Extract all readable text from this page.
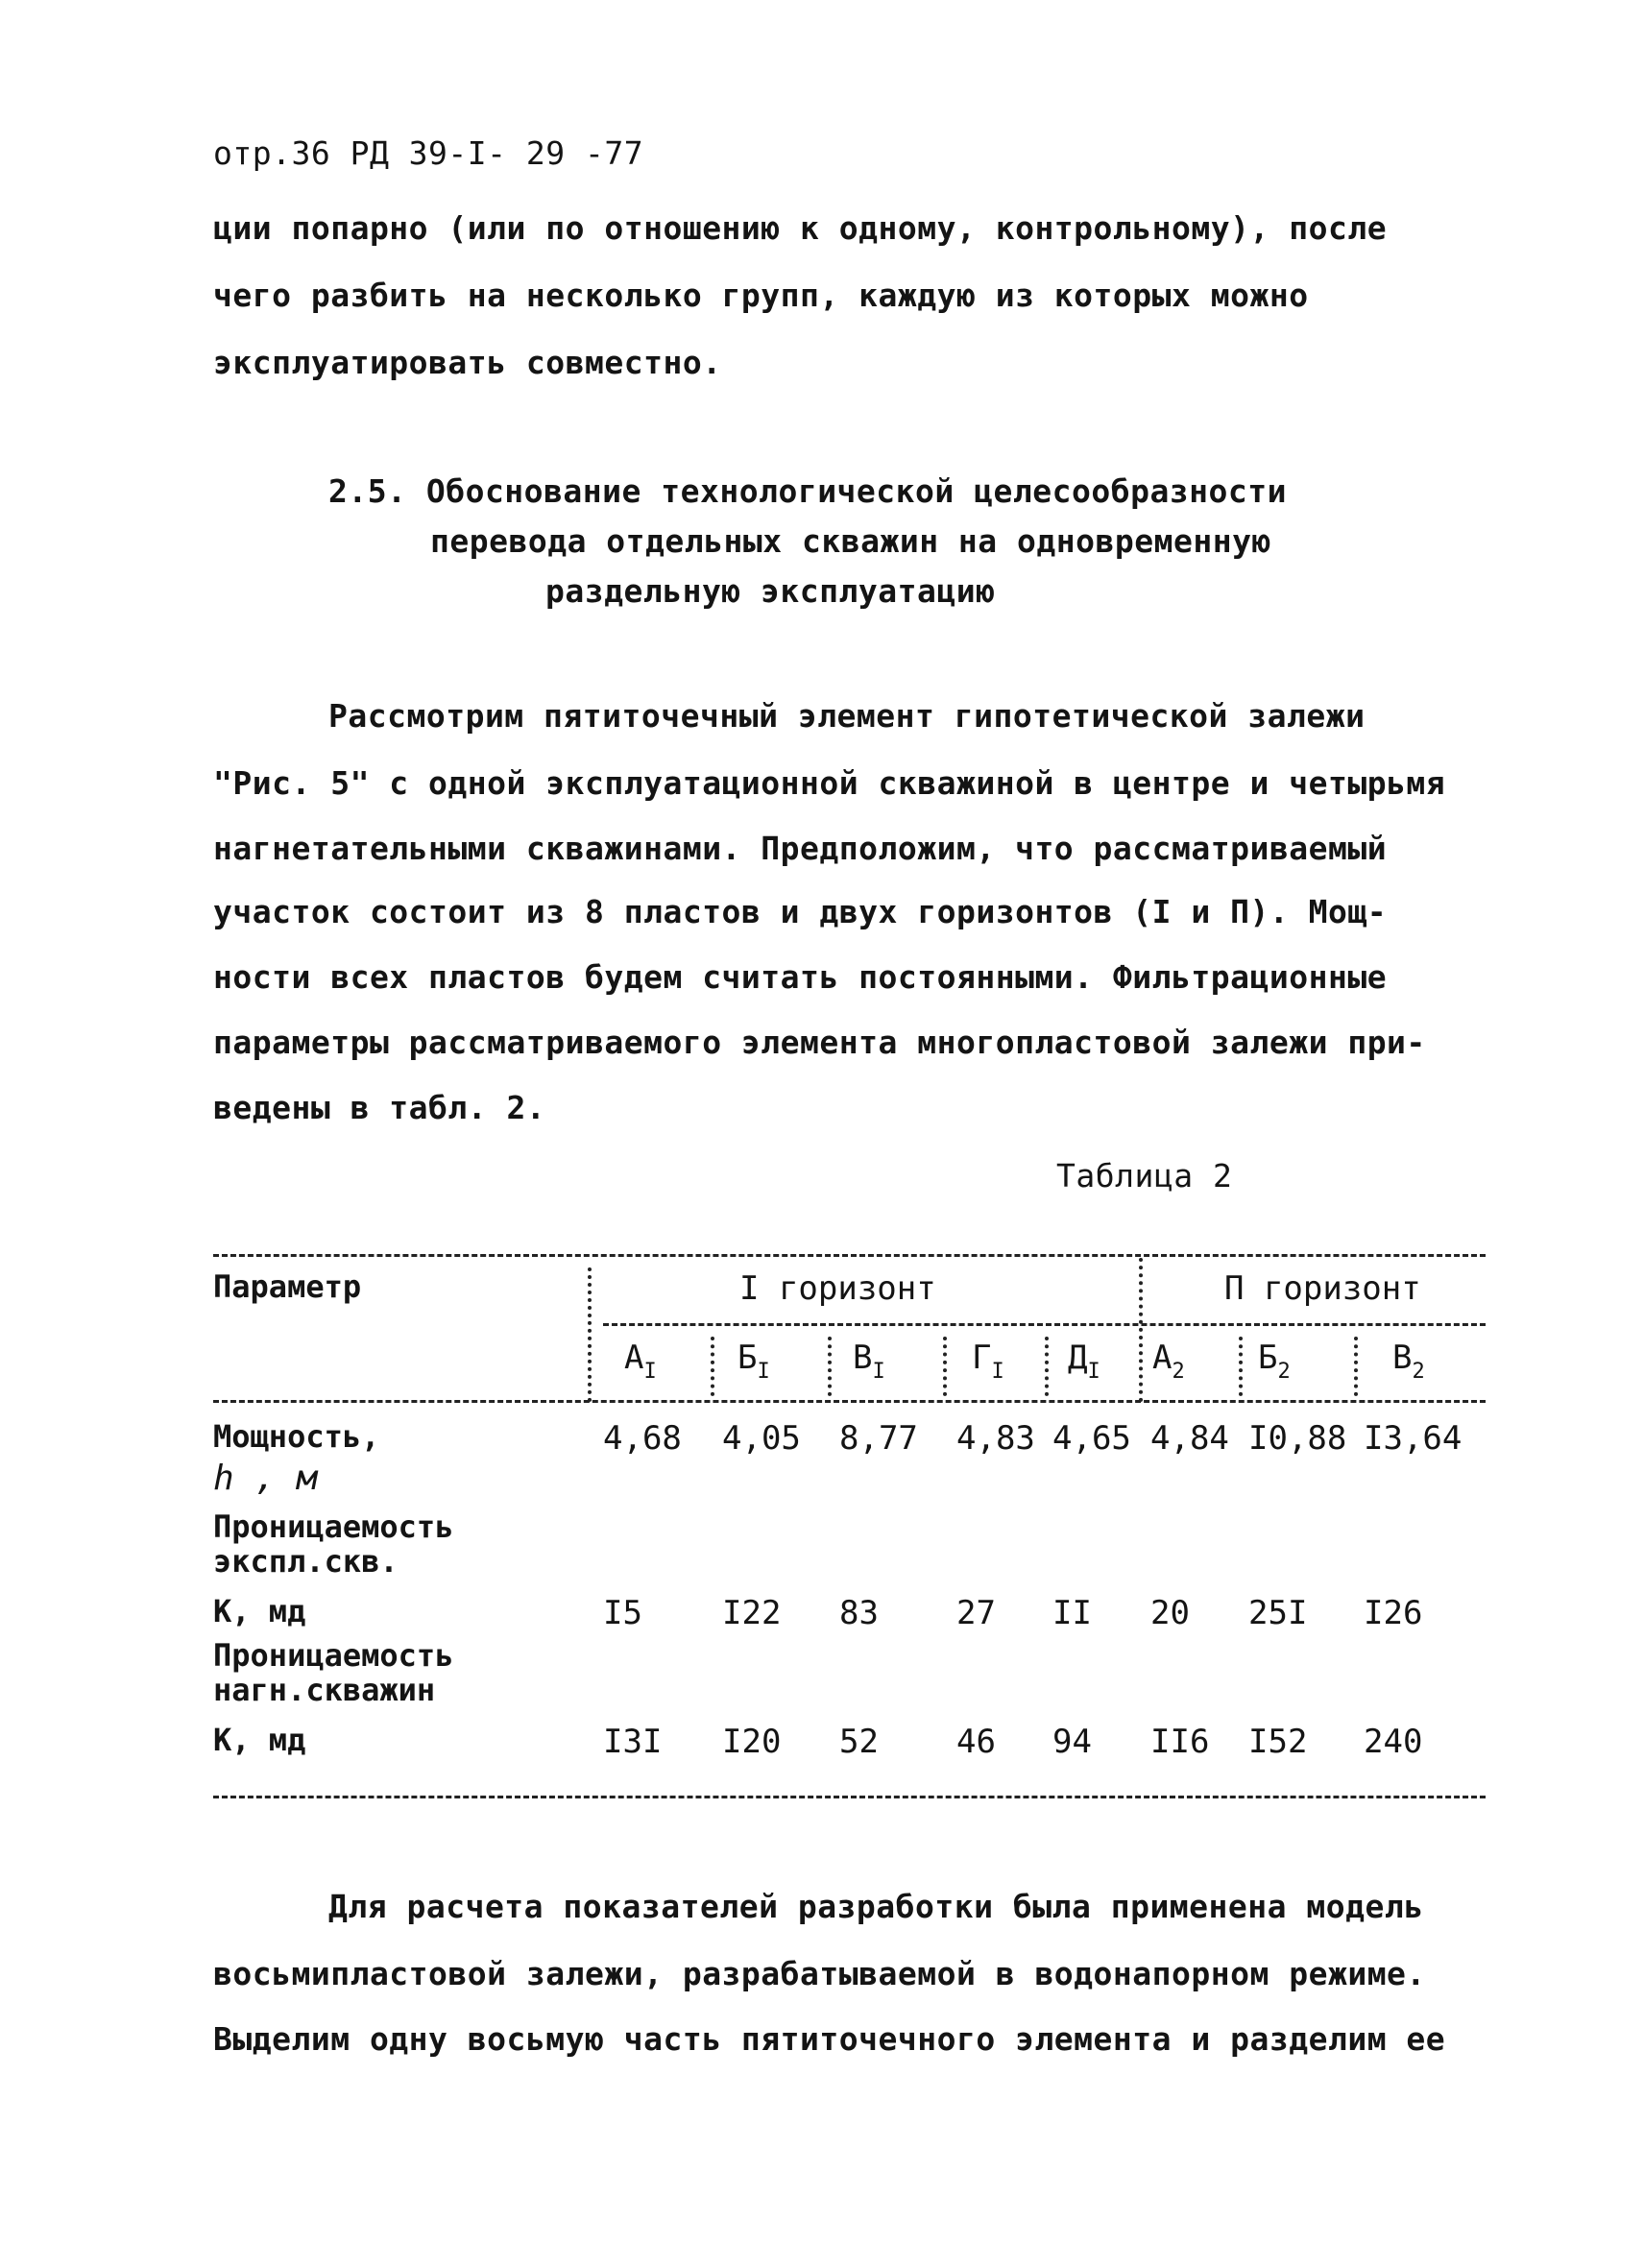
отр.36 РД 39-I- 29 -77
ции попарно (или по отношению к одному, контрольному), после
чего разбить на несколько групп, каждую из которых можно
эксплуатировать совместно.
2.5. Обоснование технологической целесообразности
перевода отдельных скважин на одновременную
раздельную эксплуатацию
Рассмотрим пятиточечный элемент гипотетической залежи
"Рис. 5" с одной эксплуатационной скважиной в центре и четырьмя
нагнетательными скважинами. Предположим, что рассматриваемый
участок состоит из 8 пластов и двух горизонтов (I и П). Мощ-
ности всех пластов будем считать постоянными. Фильтрационные
параметры рассматриваемого элемента многопластовой залежи при-
ведены в табл. 2.
Таблица 2
Параметр	I горизонт	П горизонт
$А_I$ $Б_I$	$В_I$	$Г_I$ $Д_I$ $А_2$ $Б_2$	$В_2$
Мощность,
h , м
4,68 4,05 8,77 4,83 4,65 4,84 I0,88 I3,64
Проницаемость
экспл.скв.
К, мд	I5 I22 83 27 II 20 25I I26
Проницаемость
нагн.скважин
К, мд	I3I I20 52 46 94 II6 I52 240
Для расчета показателей разработки была применена модель
восьмипластовой залежи, разрабатываемой в водонапорном режиме.
Выделим одну восьмую часть пятиточечного элемента и разделим ее
